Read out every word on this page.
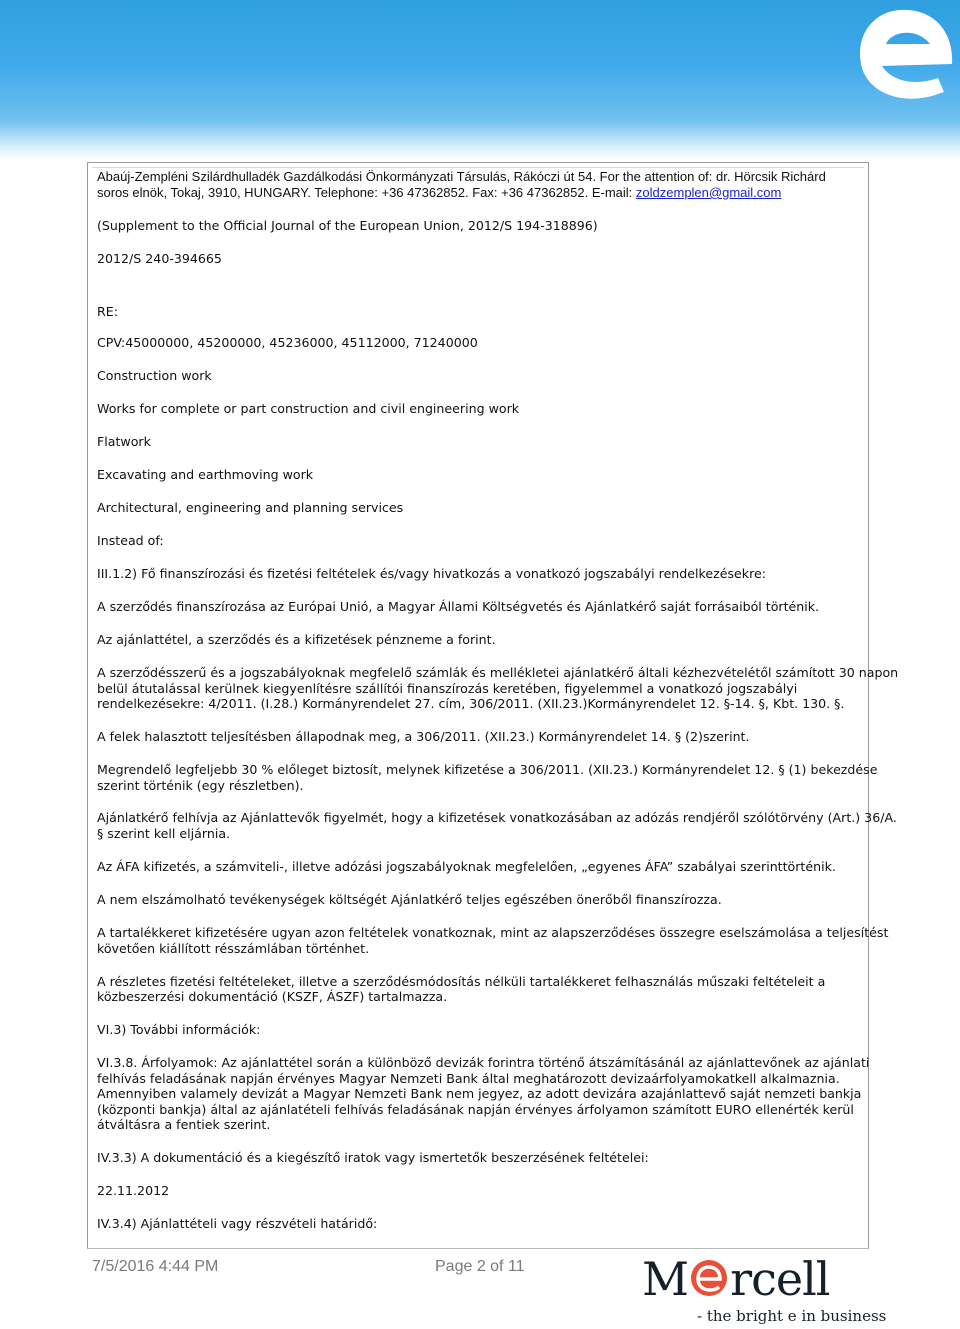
Abaúj-Zempléni Szilárdhulladék Gazdálkodási Önkormányzati Társulás, Rákóczi út 54. For the attention of: dr. Hörcsik Richárd
soros elnök, Tokaj, 3910, HUNGARY. Telephone: +36 47362852. Fax: +36 47362852. E-mail: zoldzemplen@gmail.com
(Supplement to the Official Journal of the European Union, 2012/S 194-318896)
2012/S 240-394665
RE:
CPV:45000000, 45200000, 45236000, 45112000, 71240000
Construction work
Works for complete or part construction and civil engineering work
Flatwork
Excavating and earthmoving work
Architectural, engineering and planning services
Instead of:
III.1.2) Fő finanszírozási és fizetési feltételek és/vagy hivatkozás a vonatkozó jogszabályi rendelkezésekre:
A szerződés finanszírozása az Európai Unió, a Magyar Állami Költségvetés és Ajánlatkérő saját forrásaiból történik.
Az ajánlattétel, a szerződés és a kifizetések pénzneme a forint.
A szerződésszerű és a jogszabályoknak megfelelő számlák és mellékletei ajánlatkérő általi kézhezvételétől számított 30 napon
belül átutalással kerülnek kiegyenlítésre szállítói finanszírozás keretében, figyelemmel a vonatkozó jogszabályi
rendelkezésekre: 4/2011. (I.28.) Kormányrendelet 27. cím, 306/2011. (XII.23.)Kormányrendelet 12. §-14. §, Kbt. 130. §.
A felek halasztott teljesítésben állapodnak meg, a 306/2011. (XII.23.) Kormányrendelet 14. § (2)szerint.
Megrendelő legfeljebb 30 % előleget biztosít, melynek kifizetése a 306/2011. (XII.23.) Kormányrendelet 12. § (1) bekezdése
szerint történik (egy részletben).
Ajánlatkérő felhívja az Ajánlattevők figyelmét, hogy a kifizetések vonatkozásában az adózás rendjéről szólótörvény (Art.) 36/A.
§ szerint kell eljárnia.
Az ÁFA kifizetés, a számviteli-, illetve adózási jogszabályoknak megfelelően, „egyenes ÁFA” szabályai szerinttörténik.
A nem elszámolható tevékenységek költségét Ajánlatkérő teljes egészében önerőből finanszírozza.
A tartalékkeret kifizetésére ugyan azon feltételek vonatkoznak, mint az alapszerződéses összegre eselszámolása a teljesítést
követően kiállított résszámlában történhet.
A részletes fizetési feltételeket, illetve a szerződésmódosítás nélküli tartalékkeret felhasználás műszaki feltételeit a
közbeszerzési dokumentáció (KSZF, ÁSZF) tartalmazza.
VI.3) További információk:
VI.3.8. Árfolyamok: Az ajánlattétel során a különböző devizák forintra történő átszámításánál az ajánlattevőnek az ajánlati
felhívás feladásának napján érvényes Magyar Nemzeti Bank által meghatározott devizaárfolyamokatkell alkalmaznia.
Amennyiben valamely devizát a Magyar Nemzeti Bank nem jegyez, az adott devizára azajánlattevő saját nemzeti bankja
(központi bankja) által az ajánlatételi felhívás feladásának napján érvényes árfolyamon számított EURO ellenérték kerül
átváltásra a fentiek szerint.
IV.3.3) A dokumentáció és a kiegészítő iratok vagy ismertetők beszerzésének feltételei:
22.11.2012
IV.3.4) Ajánlattételi vagy részvételi határidő:
7/5/2016 4:44 PM	Page 2 of 11	M rcell
- the bright e in business
